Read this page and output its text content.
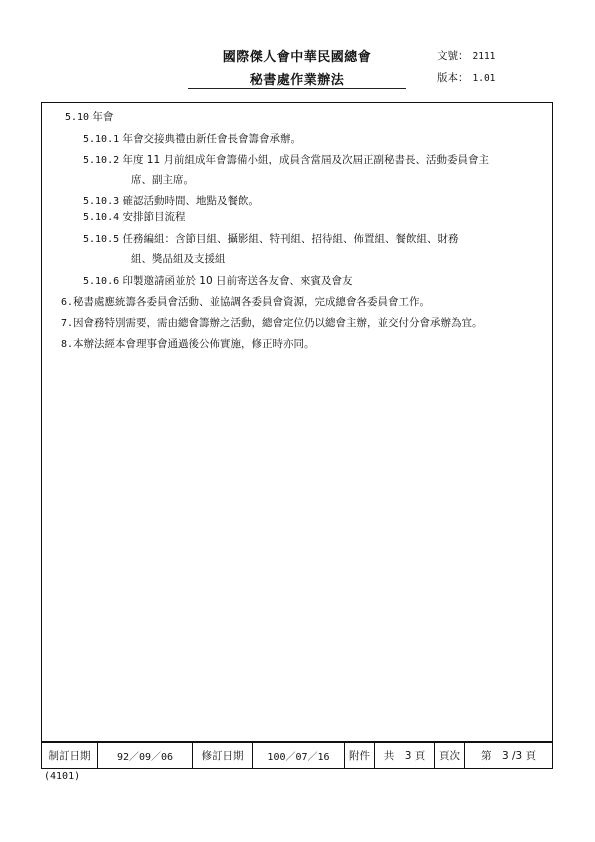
國際傑人會中華民國總會
秘書處作業辦法
文號： 2111
版本： 1.01
5.10 年會
5.10.1 年會交接典禮由新任會長會籌會承辦。
5.10.2 年度 11 月前組成年會籌備小組，成員含當屆及次屆正副秘書長、活動委員會主
席、副主席。
5.10.3 確認活動時間、地點及餐飲。
5.10.4 安排節目流程
5.10.5 任務編組：含節目組、攝影組、特刊組、招待組、佈置組、餐飲組、財務
組、獎品組及支援組
5.10.6 印製邀請函並於 10 日前寄送各友會、來賓及會友
6.秘書處應統籌各委員會活動、並協調各委員會資源，完成總會各委員會工作。
7.因會務特別需要，需由總會籌辦之活動，總會定位仍以總會主辦，並交付分會承辦為宜。
8.本辦法經本會理事會通過後公佈實施，修正時亦同。
制訂日期	92／09／06	修訂日期	100／07／16	附件	共　3 頁	頁次	第　3 /3 頁
(4101)
